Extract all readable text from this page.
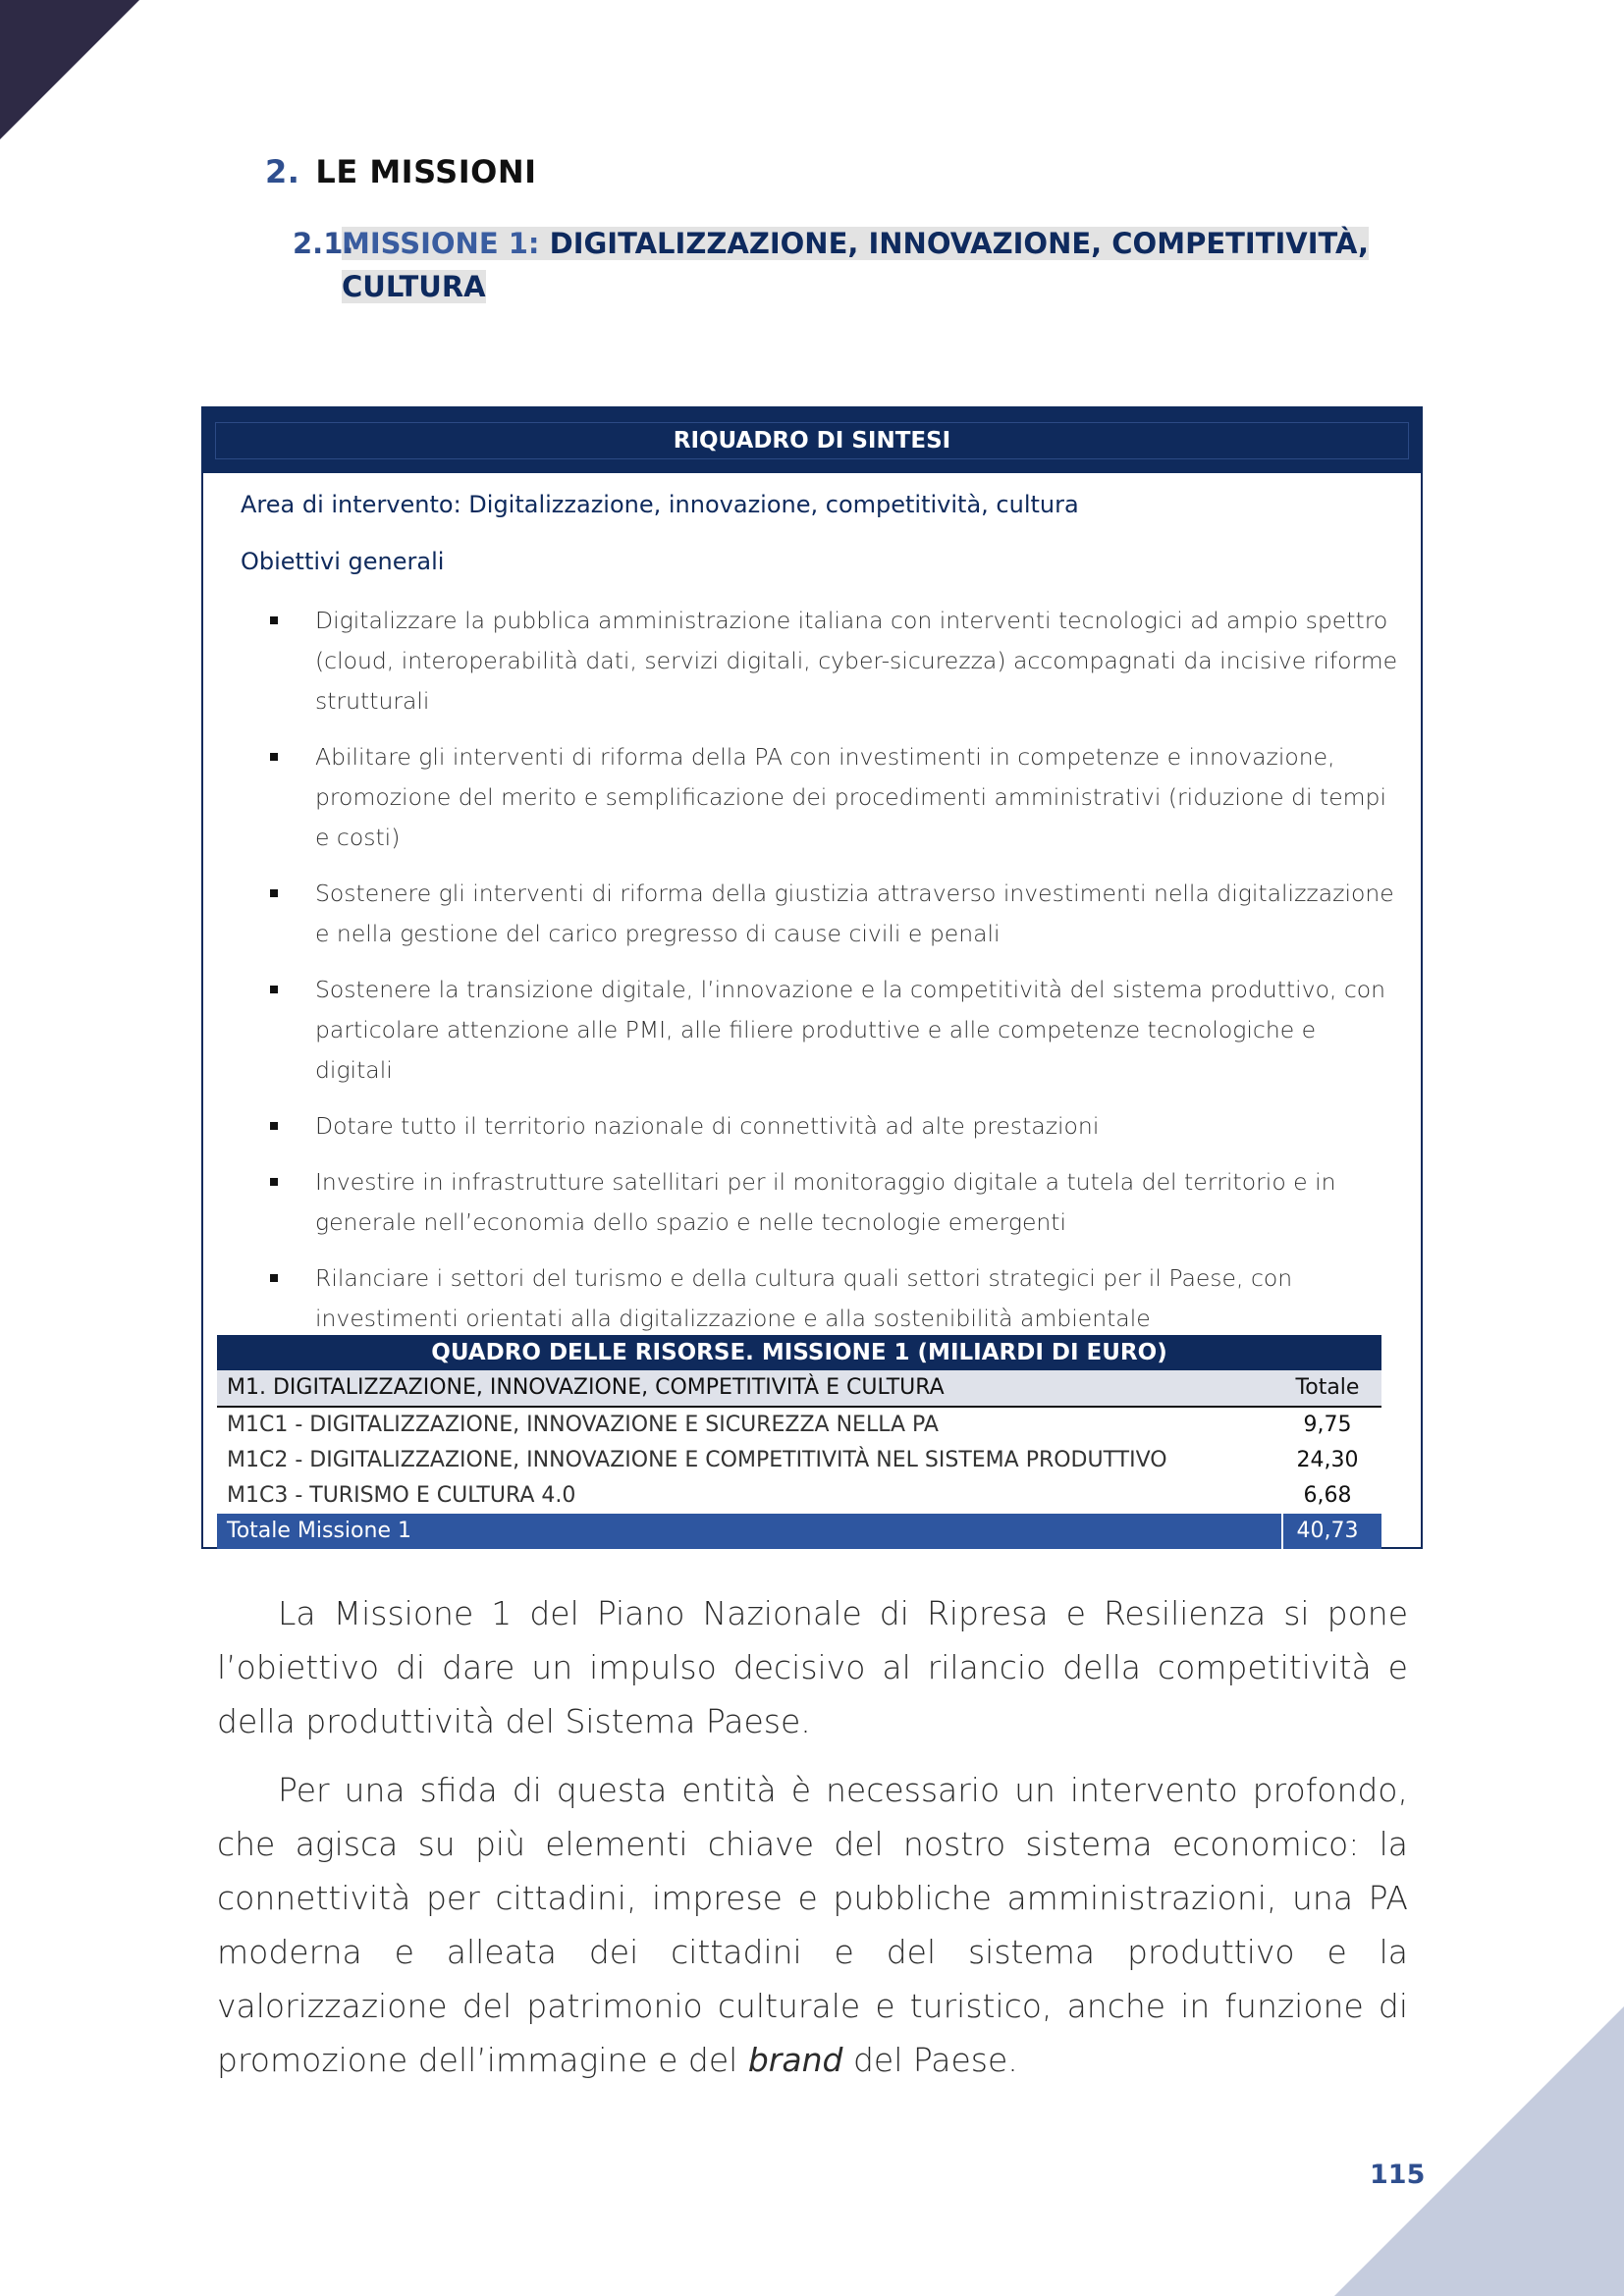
2. LE MISSIONI
2.1.
MISSIONE 1: DIGITALIZZAZIONE, INNOVAZIONE, COMPETITIVITÀ, CULTURA
RIQUADRO DI SINTESI
Area di intervento: Digitalizzazione, innovazione, competitività, cultura
Obiettivi generali
Digitalizzare la pubblica amministrazione italiana con interventi tecnologici ad ampio spettro (cloud, interoperabilità dati, servizi digitali, cyber-sicurezza) accompagnati da incisive riforme strutturali
Abilitare gli interventi di riforma della PA con investimenti in competenze e innovazione, promozione del merito e semplificazione dei procedimenti amministrativi (riduzione di tempi e costi)
Sostenere gli interventi di riforma della giustizia attraverso investimenti nella digitalizzazione e nella gestione del carico pregresso di cause civili e penali
Sostenere la transizione digitale, l’innovazione e la competitività del sistema produttivo, con particolare attenzione alle PMI, alle filiere produttive e alle competenze tecnologiche e digitali
Dotare tutto il territorio nazionale di connettività ad alte prestazioni
Investire in infrastrutture satellitari per il monitoraggio digitale a tutela del territorio e in generale nell’economia dello spazio e nelle tecnologie emergenti
Rilanciare i settori del turismo e della cultura quali settori strategici per il Paese, con investimenti orientati alla digitalizzazione e alla sostenibilità ambientale
QUADRO DELLE RISORSE. MISSIONE 1 (MILIARDI DI EURO)
M1. DIGITALIZZAZIONE, INNOVAZIONE, COMPETITIVITÀ E CULTURA	Totale
M1C1 - DIGITALIZZAZIONE, INNOVAZIONE E SICUREZZA NELLA PA	9,75
M1C2 - DIGITALIZZAZIONE, INNOVAZIONE E COMPETITIVITÀ NEL SISTEMA PRODUTTIVO	24,30
M1C3 - TURISMO E CULTURA 4.0	6,68
Totale Missione 1	40,73

La Missione 1 del Piano Nazionale di Ripresa e Resilienza si pone l’obiettivo di dare un impulso decisivo al rilancio della competitività e della produttività del Sistema Paese.

Per una sfida di questa entità è necessario un intervento profondo, che agisca su più elementi chiave del nostro sistema economico: la connettività per cittadini, imprese e pubbliche amministrazioni, una PA moderna e alleata dei cittadini e del sistema produttivo e la valorizzazione del patrimonio culturale e turistico, anche in funzione di promozione dell’immagine e del brand del Paese.

115
